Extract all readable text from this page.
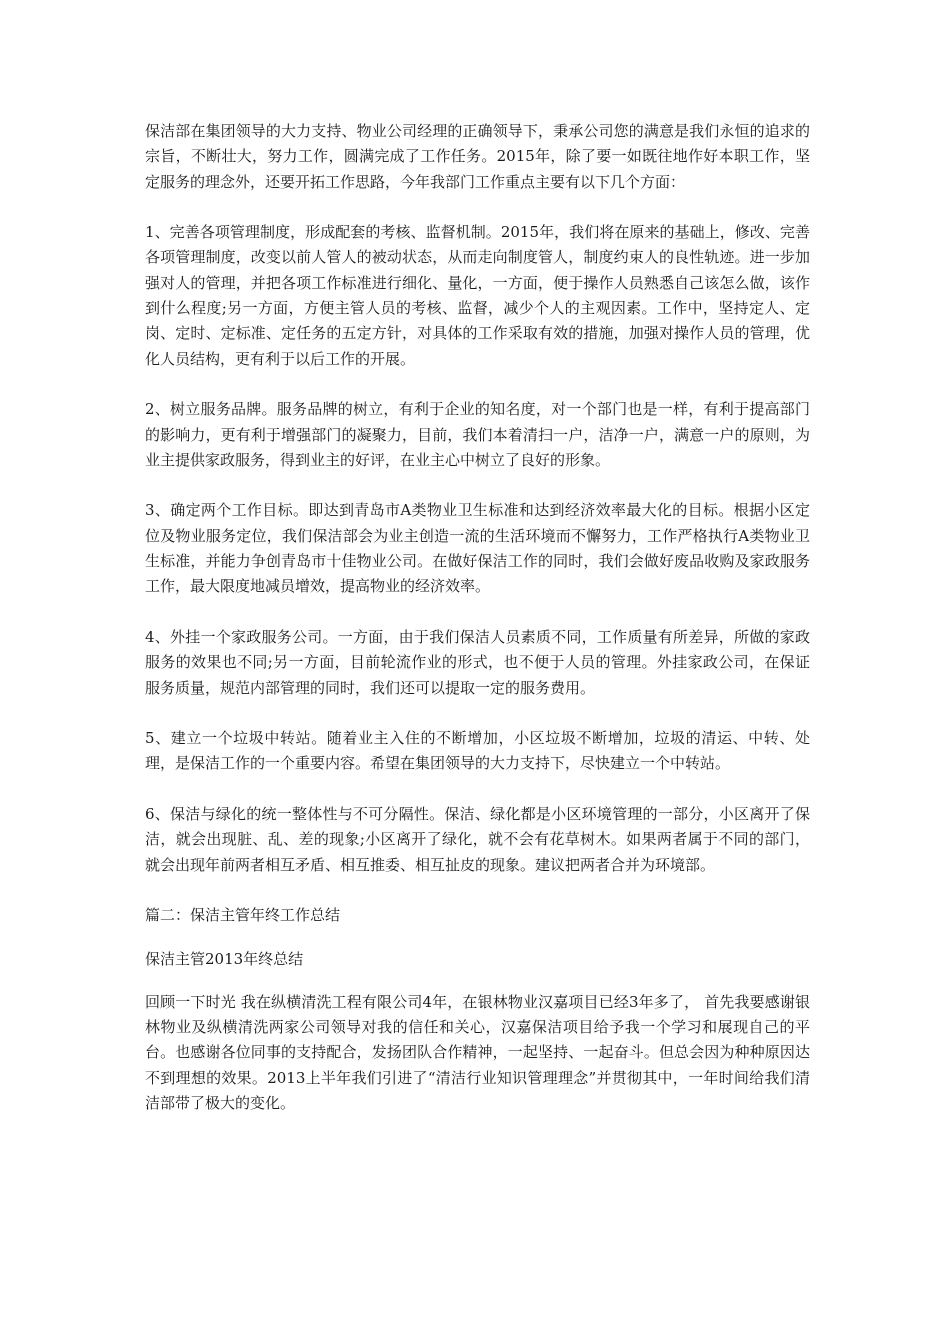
保洁部在集团领导的大力支持、物业公司经理的正确领导下，秉承公司您的满意是我们永恒的追求的宗旨，不断壮大，努力工作，圆满完成了工作任务。2015年，除了要一如既往地作好本职工作，坚定服务的理念外，还要开拓工作思路，今年我部门工作重点主要有以下几个方面：

1、完善各项管理制度，形成配套的考核、监督机制。2015年，我们将在原来的基础上，修改、完善各项管理制度，改变以前人管人的被动状态，从而走向制度管人，制度约束人的良性轨迹。进一步加强对人的管理，并把各项工作标准进行细化、量化，一方面，便于操作人员熟悉自己该怎么做，该作到什么程度;另一方面，方便主管人员的考核、监督，减少个人的主观因素。工作中，坚持定人、定岗、定时、定标准、定任务的五定方针，对具体的工作采取有效的措施，加强对操作人员的管理，优化人员结构，更有利于以后工作的开展。

2、树立服务品牌。服务品牌的树立，有利于企业的知名度，对一个部门也是一样，有利于提高部门的影响力，更有利于增强部门的凝聚力，目前，我们本着清扫一户，洁净一户，满意一户的原则，为业主提供家政服务，得到业主的好评，在业主心中树立了良好的形象。

3、确定两个工作目标。即达到青岛市A类物业卫生标准和达到经济效率最大化的目标。根据小区定位及物业服务定位，我们保洁部会为业主创造一流的生活环境而不懈努力，工作严格执行A类物业卫生标准，并能力争创青岛市十佳物业公司。在做好保洁工作的同时，我们会做好废品收购及家政服务工作，最大限度地减员增效，提高物业的经济效率。

4、外挂一个家政服务公司。一方面，由于我们保洁人员素质不同，工作质量有所差异，所做的家政服务的效果也不同;另一方面，目前轮流作业的形式，也不便于人员的管理。外挂家政公司，在保证服务质量，规范内部管理的同时，我们还可以提取一定的服务费用。

5、建立一个垃圾中转站。随着业主入住的不断增加，小区垃圾不断增加，垃圾的清运、中转、处理，是保洁工作的一个重要内容。希望在集团领导的大力支持下，尽快建立一个中转站。

6、保洁与绿化的统一整体性与不可分隔性。保洁、绿化都是小区环境管理的一部分，小区离开了保洁，就会出现脏、乱、差的现象;小区离开了绿化，就不会有花草树木。如果两者属于不同的部门，就会出现年前两者相互矛盾、相互推委、相互扯皮的现象。建议把两者合并为环境部。

篇二：保洁主管年终工作总结

保洁主管2013年终总结

回顾一下时光 我在纵横清洗工程有限公司4年，在银林物业汉嘉项目已经3年多了， 首先我要感谢银林物业及纵横清洗两家公司领导对我的信任和关心，汉嘉保洁项目给予我一个学习和展现自己的平台。也感谢各位同事的支持配合，发扬团队合作精神，一起坚持、一起奋斗。但总会因为种种原因达不到理想的效果。2013上半年我们引进了“清洁行业知识管理理念”并贯彻其中，一年时间给我们清洁部带了极大的变化。
